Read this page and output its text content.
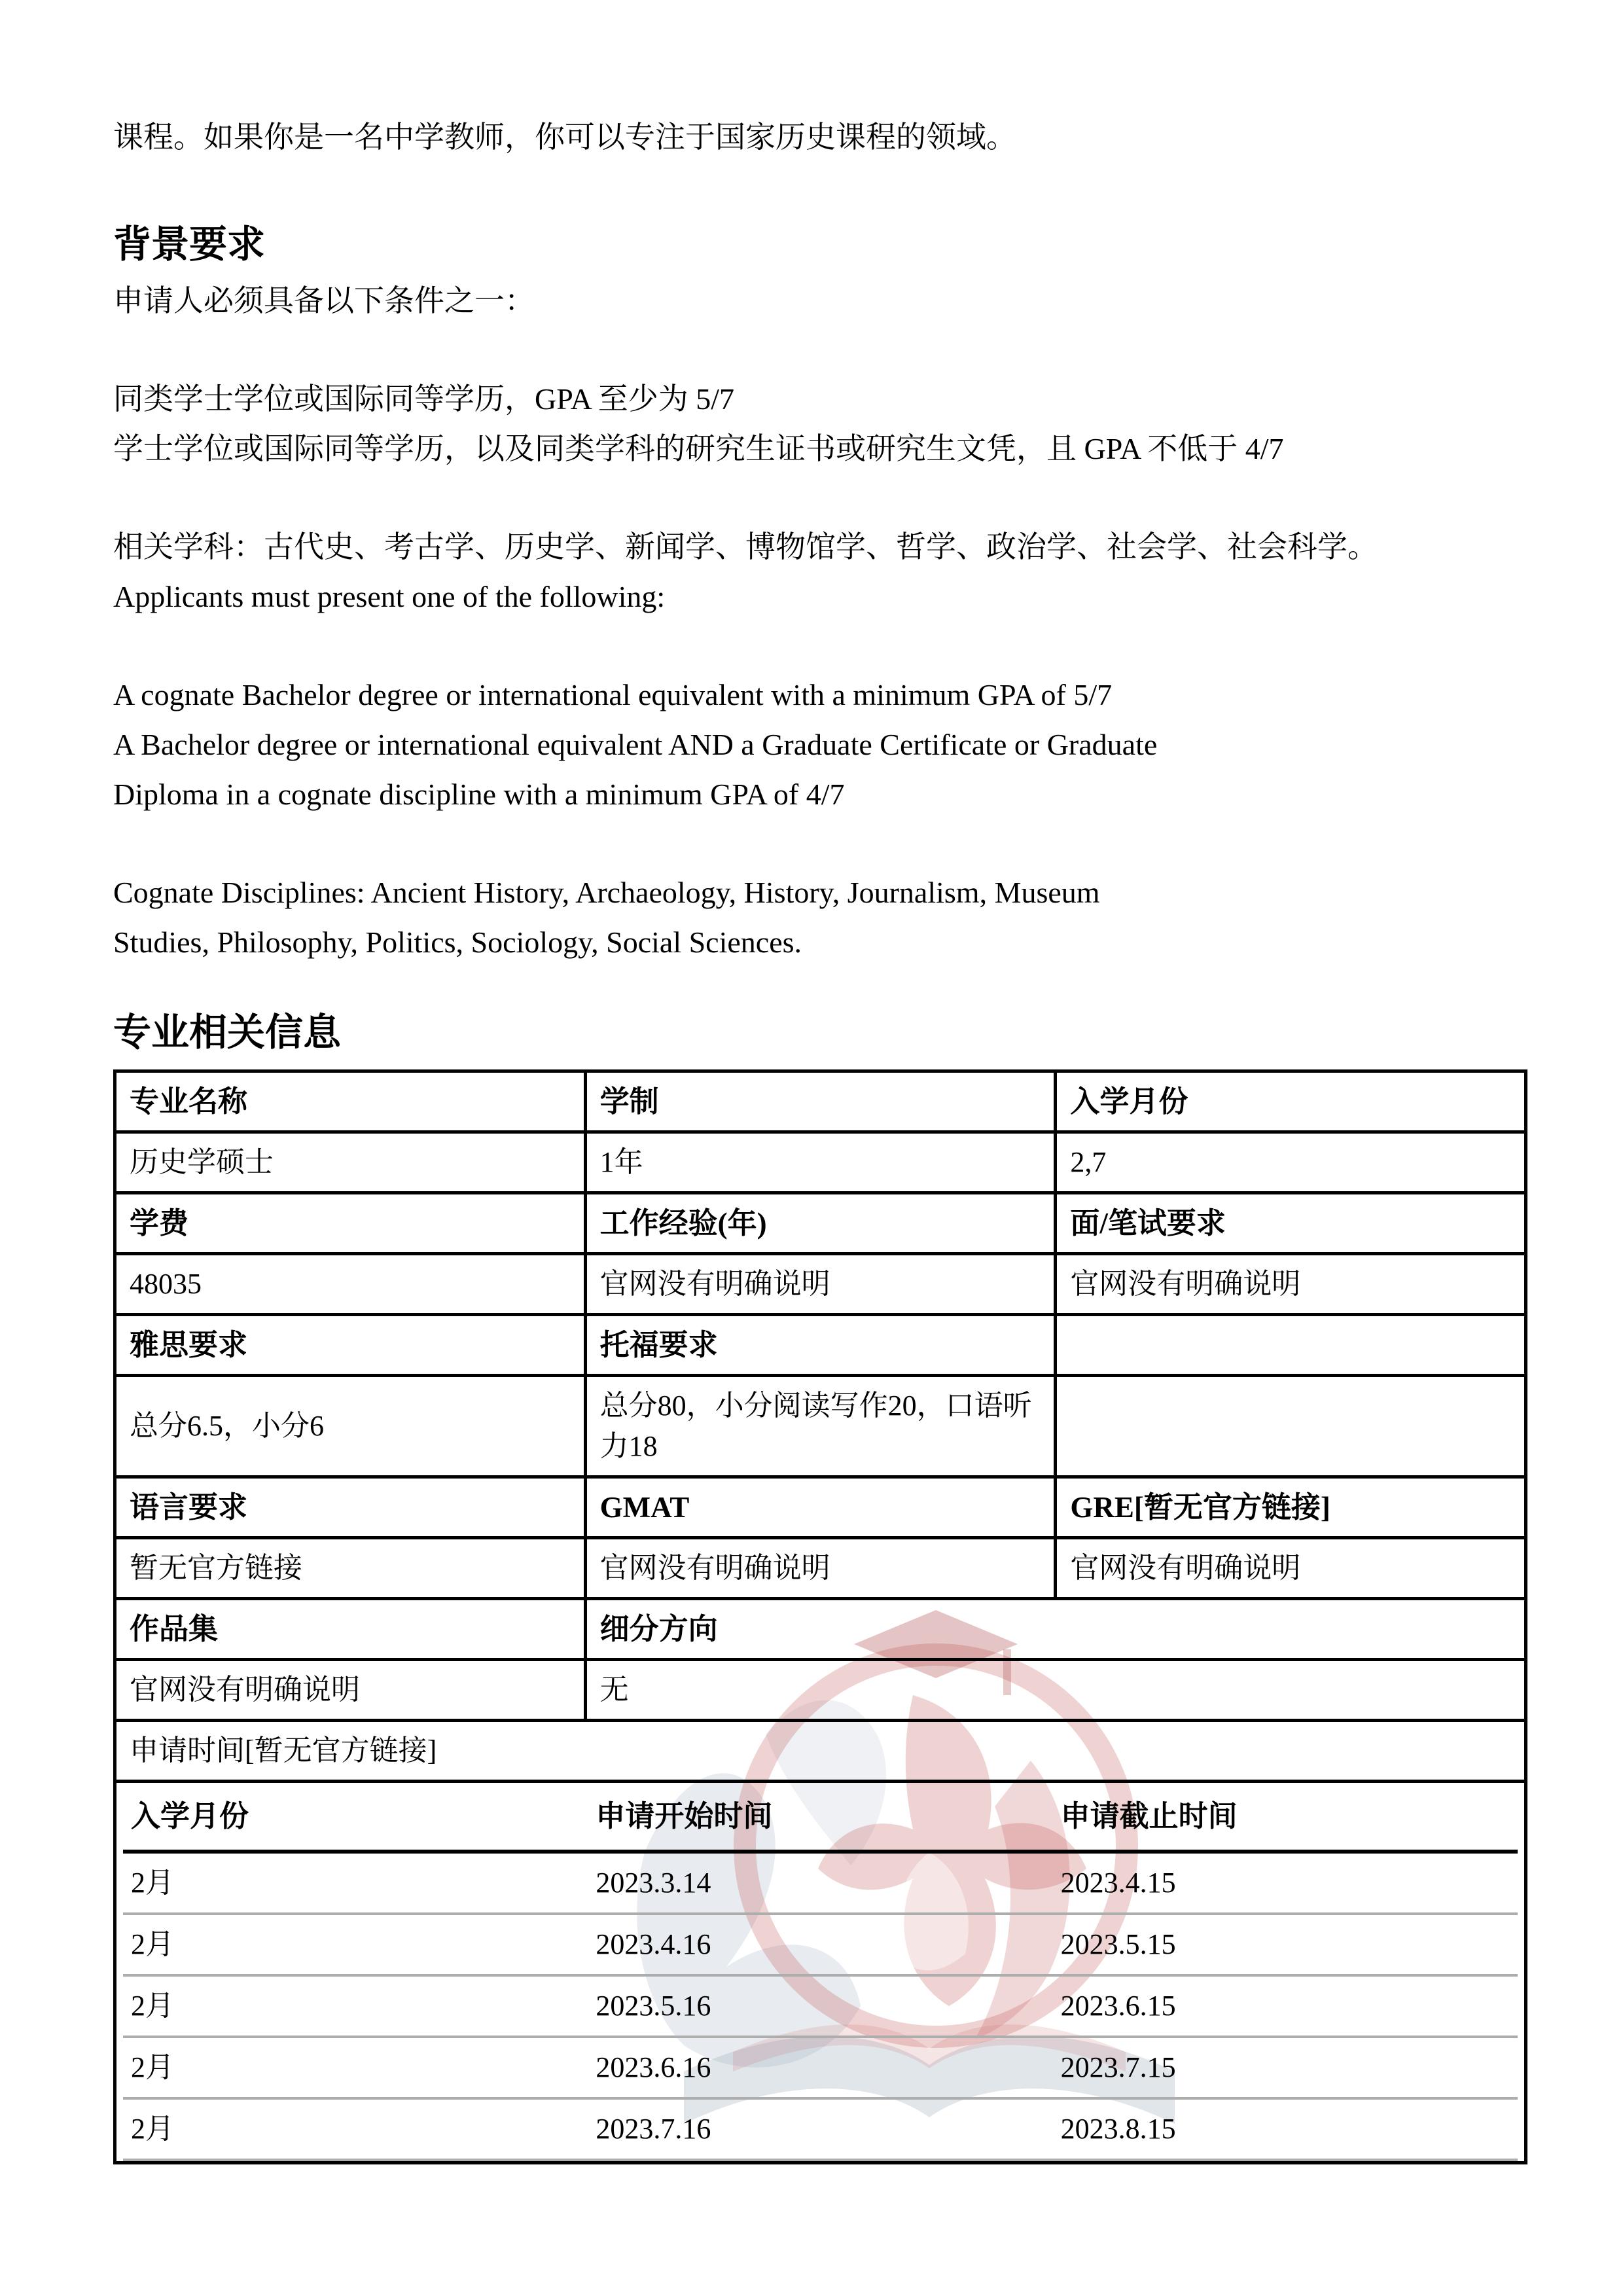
课程。如果你是一名中学教师，你可以专注于国家历史课程的领域。

背景要求

申请人必须具备以下条件之一：

同类学士学位或国际同等学历，GPA 至少为 5/7

学士学位或国际同等学历，以及同类学科的研究生证书或研究生文凭，且 GPA 不低于 4/7

相关学科：古代史、考古学、历史学、新闻学、博物馆学、哲学、政治学、社会学、社会科学。

Applicants must present one of the following:

A cognate Bachelor degree or international equivalent with a minimum GPA of 5/7

A Bachelor degree or international equivalent AND a Graduate Certificate or Graduate

Diploma in a cognate discipline with a minimum GPA of 4/7

Cognate Disciplines: Ancient History, Archaeology, History, Journalism, Museum

Studies, Philosophy, Politics, Sociology, Social Sciences.

专业相关信息
专业名称	学制	入学月份
历史学硕士	1年	2,7
学费	工作经验(年)	面/笔试要求
48035	官网没有明确说明	官网没有明确说明
雅思要求	托福要求	
总分6.5，小分6	总分80，小分阅读写作20，口语听力18	
语言要求	GMAT	GRE[暂无官方链接]
暂无官方链接	官网没有明确说明	官网没有明确说明
作品集	细分方向
官网没有明确说明	无
申请时间[暂无官方链接]

入学月份	申请开始时间	申请截止时间
2月	2023.3.14	2023.4.15
2月	2023.4.16	2023.5.15
2月	2023.5.16	2023.6.15
2月	2023.6.16	2023.7.15
2月	2023.7.16	2023.8.15
